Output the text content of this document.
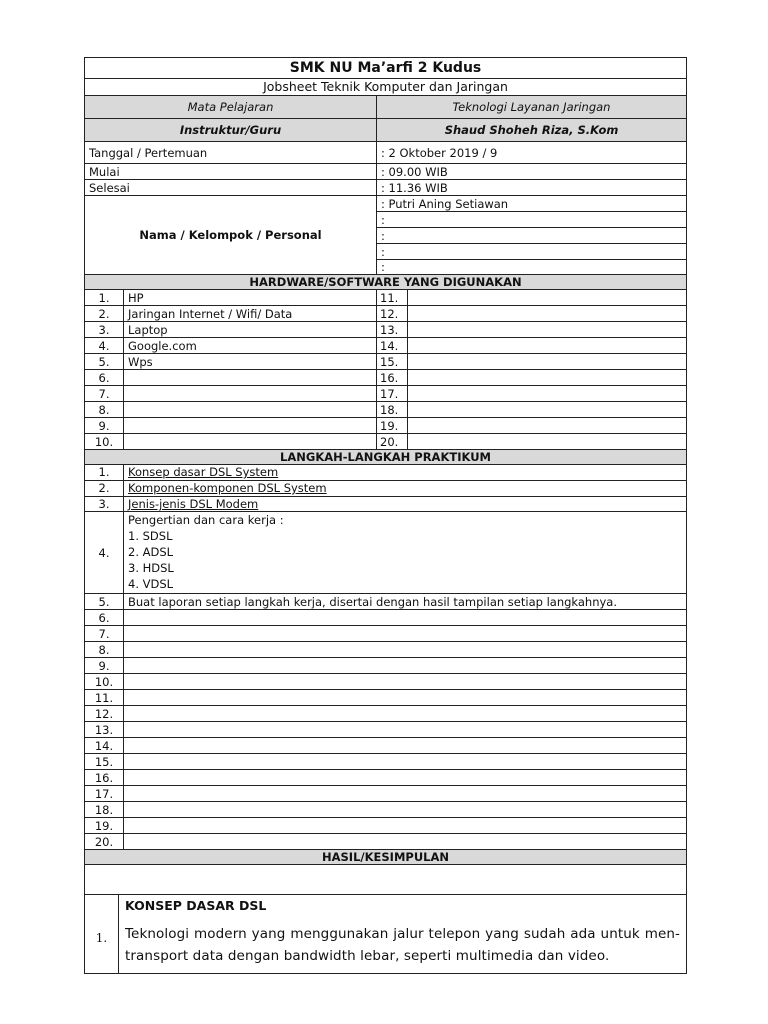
SMK NU Ma’arfi 2 Kudus	
Jobsheet Teknik Komputer dan Jaringan	
Mata Pelajaran	Teknologi Layanan Jaringan
Instruktur/Guru	Shaud Shoheh Riza, S.Kom
Tanggal / Pertemuan	: 2 Oktober 2019 / 9
Mulai	: 09.00 WIB
Selesai	: 11.36 WIB
Nama / Kelompok / Personal	: Putri Aning Setiawan
	:
	:
	:
	:
HARDWARE/SOFTWARE YANG DIGUNAKAN			
1.	HP	11.	
2.	Jaringan Internet / Wifi/ Data	12.	
3.	Laptop	13.	
4.	Google.com	14.	
5.	Wps	15.	
6.		16.	
7.		17.	
8.		18.	
9.		19.	
10.		20.	
LANGKAH-LANGKAH PRAKTIKUM	
1.	Konsep dasar DSL System
2.	Komponen-komponen DSL System
3.	Jenis-jenis DSL Modem
4.	Pengertian dan cara kerja :
1. SDSL
2. ADSL
3. HDSL
4. VDSL

5.	Buat laporan setiap langkah kerja, disertai dengan hasil tampilan setiap langkahnya.
6.	
7.	
8.	
9.	
10.	
11.	
12.	
13.	
14.	
15.	
16.	
17.	
18.	
19.	
20.	
HASIL/KESIMPULAN

1.	
KONSEP DASAR DSL
Teknologi modern yang menggunakan jalur telepon yang sudah ada untuk men-transport data dengan bandwidth lebar, seperti multimedia dan video.
